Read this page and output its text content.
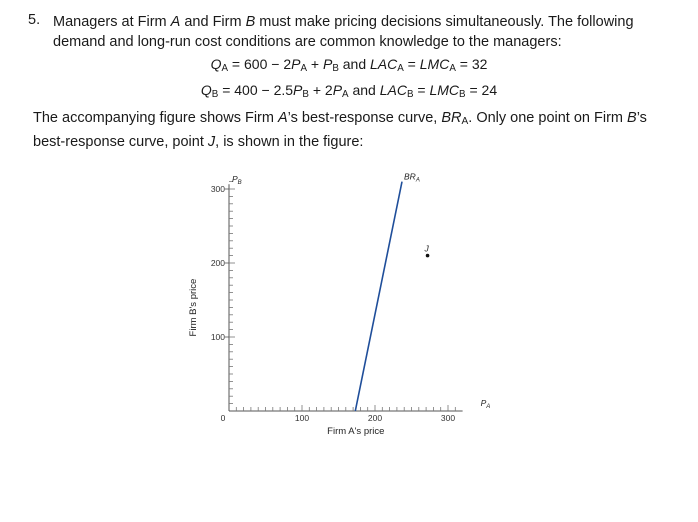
5. Managers at Firm A and Firm B must make pricing decisions simultaneously. The following demand and long-run cost conditions are common knowledge to the managers:
$Q_A = 600 - 2P_A + P_B$ and $LAC_A = LMC_A = 32$
$Q_B = 400 - 2.5P_B + 2P_A$ and $LAC_B = LMC_B = 24$
The accompanying figure shows Firm A’s best-response curve, $BR_A$. Only one point on Firm B’s best-response curve, point J, is shown in the figure:
0	100	200	300
100
200
300
Firm A's price
Firm B's price
$P_A$
$P_B$
$BR_A$
J
